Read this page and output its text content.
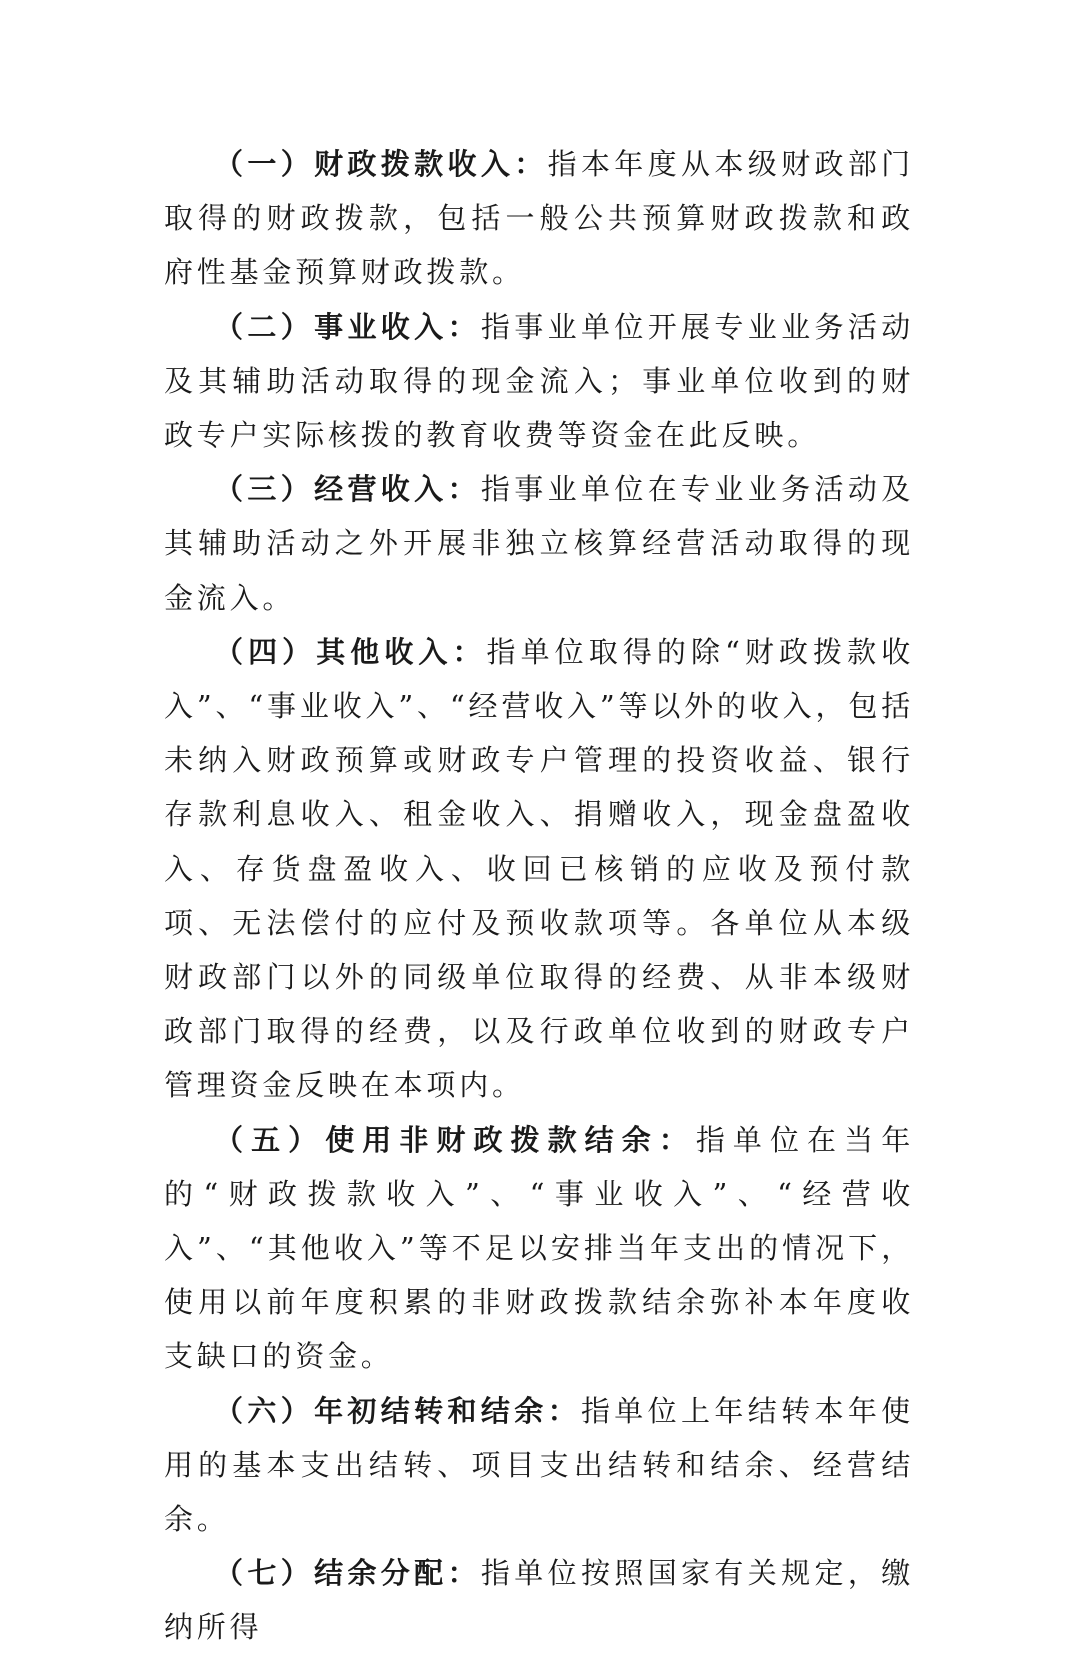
（一）财政拨款收入：指本年度从本级财政部门取得的财政拨款，包括一般公共预算财政拨款和政府性基金预算财政拨款。

（二）事业收入：指事业单位开展专业业务活动及其辅助活动取得的现金流入；事业单位收到的财政专户实际核拨的教育收费等资金在此反映。

（三）经营收入：指事业单位在专业业务活动及其辅助活动之外开展非独立核算经营活动取得的现金流入。

（四）其他收入：指单位取得的除“财政拨款收入”、“事业收入”、“经营收入”等以外的收入，包括未纳入财政预算或财政专户管理的投资收益、银行存款利息收入、租金收入、捐赠收入，现金盘盈收入、存货盘盈收入、收回已核销的应收及预付款项、无法偿付的应付及预收款项等。各单位从本级财政部门以外的同级单位取得的经费、从非本级财政部门取得的经费，以及行政单位收到的财政专户管理资金反映在本项内。

（五）使用非财政拨款结余：指单位在当年的“财政拨款收入”、“事业收入”、“经营收入”、“其他收入”等不足以安排当年支出的情况下，使用以前年度积累的非财政拨款结余弥补本年度收支缺口的资金。

（六）年初结转和结余：指单位上年结转本年使用的基本支出结转、项目支出结转和结余、经营结余。

（七）结余分配：指单位按照国家有关规定，缴纳所得
